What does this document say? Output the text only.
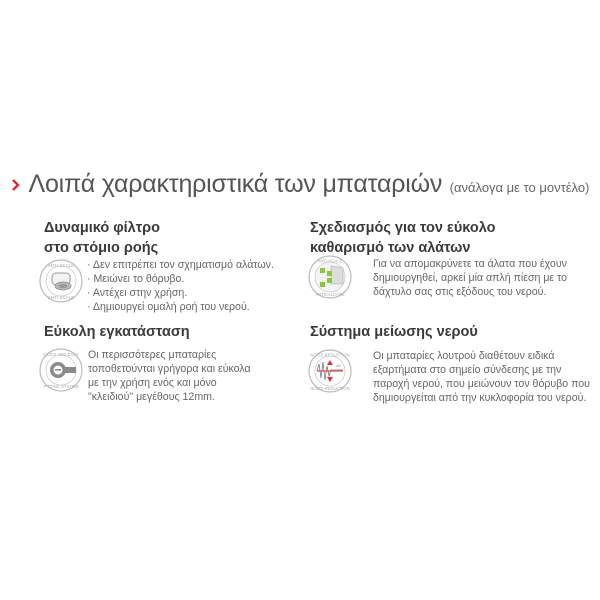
Λοιπά χαρακτηριστικά των μπαταριών (ανάλογα με το μοντέλο)
Δυναμικό φίλτρο
στο στόμιο ροής
ANTI-SCALE
ANTI-SCALE
· Δεν επιτρέπει τον σχηματισμό αλάτων.
· Μειώνει το θόρυβο.
· Αντέχει στην χρήση.
· Δημιουργεί ομαλή ροή του νερού.
Σχεδιασμός για τον εύκολο
καθαρισμό των αλάτων
ANTI-SCALE
ANTICALCARE
Για να απομακρύνετε τα άλατα που έχουν
δημιουργηθεί, αρκεί μία απλή πίεση με το
δάχτυλο σας στις εξόδους του νερού.
Εύκολη εγκατάσταση
QUICK AND EASY
FITTING SYSTEM
Οι περισσότερες μπαταρίες
τοποθετούνται γρήγορα και εύκολα
με την χρήση ενός και μόνο
"κλειδιού" μεγέθους 12mm.
Σύστημα μείωσης νερού
NOISE-REDUCTION
NOISE-REDUCTION
dB
Οι μπαταρίες λουτρού διαθέτουν ειδικά
εξαρτήματα στο σημείο σύνδεσης με την
παροχή νερού, που μειώνουν τον θόρυβο που
δημιουργείται από την κυκλοφορία του νερού.
